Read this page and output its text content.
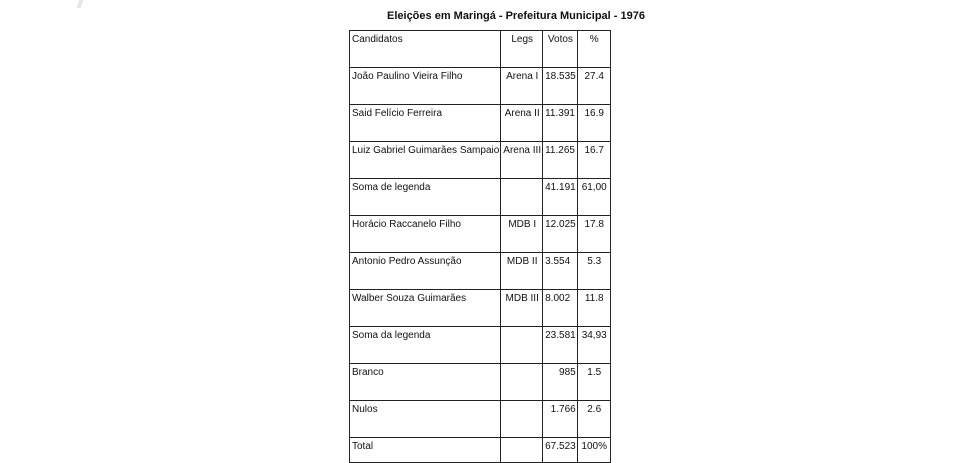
Eleições em Maringá - Prefeitura Municipal - 1976
Candidatos	Legs	Votos	%
João Paulino Vieira Filho	Arena I	18.535	27.4
Said Felício Ferreira	Arena II	11.391	16.9
Luiz Gabriel Guimarães Sampaio	Arena III	11.265	16.7
Soma de legenda		41.191	61,00
Horácio Raccanelo Filho	MDB I	12.025	17.8
Antonio Pedro Assunção	MDB II	3.554	5.3
Walber Souza Guimarães	MDB III	8.002	11.8
Soma da legenda		23.581	34,93
Branco		985	1.5
Nulos		1.766	2.6
Total		67.523	100%
